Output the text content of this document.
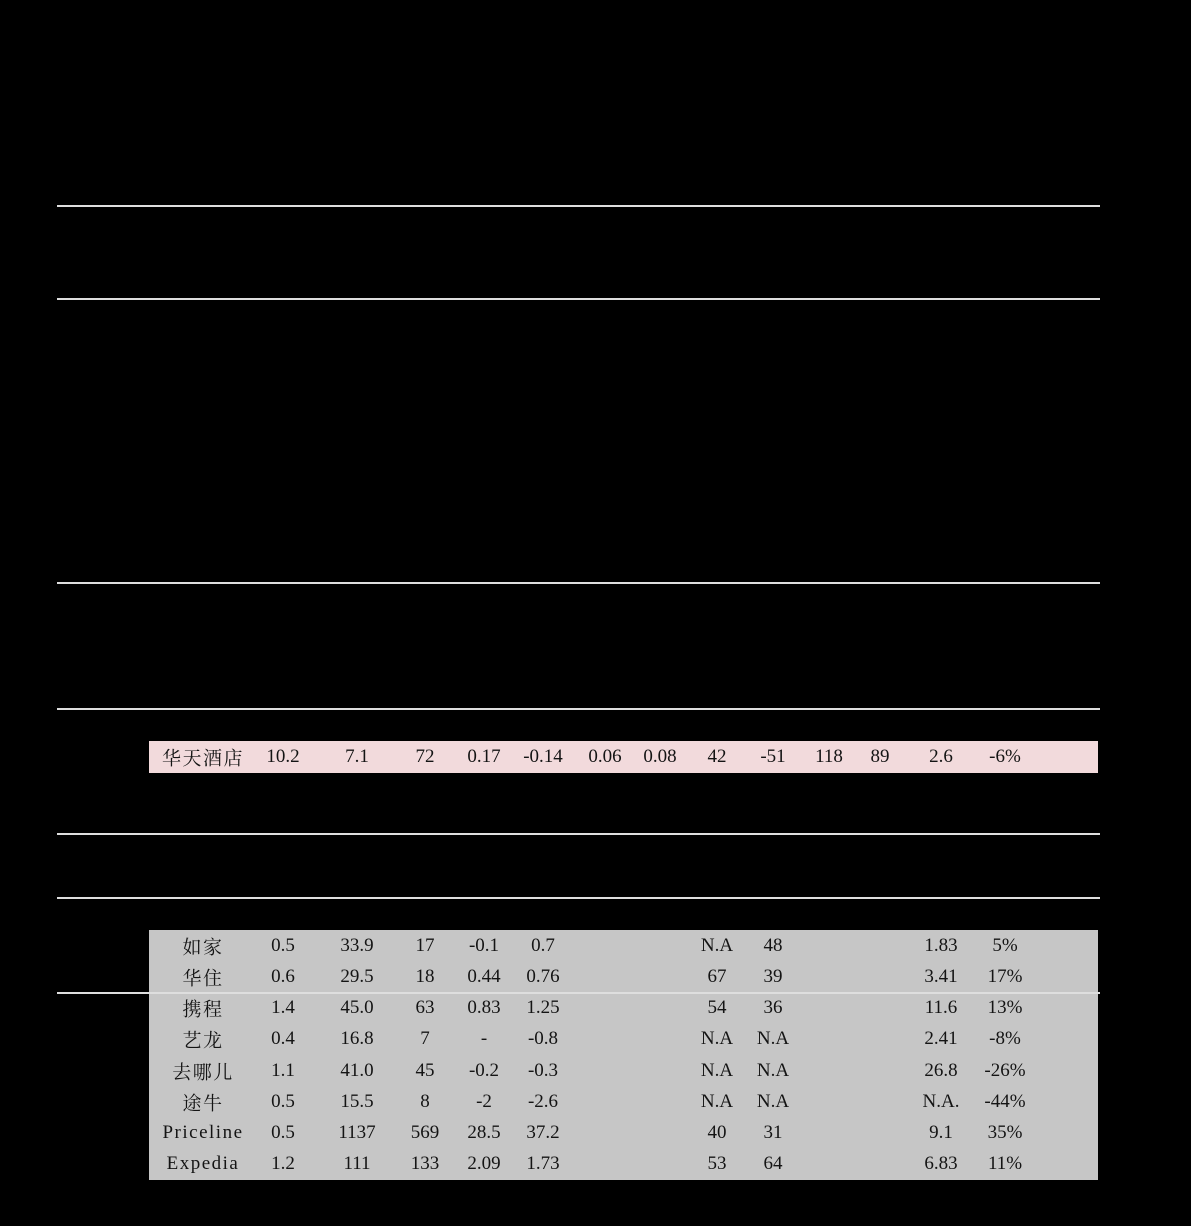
华天酒店 10.2 7.1 72 0.17 -0.14 0.06 0.08 42 -51 118 89 2.6 -6%
如家	0.5 33.9 17 -0.1 0.7	N.A 48	1.83 5%
华住	0.6 29.5 18 0.44 0.76	67 39	3.41 17%
携程	1.4 45.0 63 0.83 1.25	54 36	11.6 13%
艺龙	0.4 16.8 7	- -0.8	N.A N.A	2.41 -8%
去哪儿 1.1 41.0 45 -0.2 -0.3	N.A N.A	26.8 -26%
途牛	0.5 15.5 8 -2 -2.6	N.A N.A	N.A. -44%
Priceline 0.5 1137 569 28.5 37.2	40 31	9.1 35%
Expedia 1.2	111 133 2.09 1.73	53 64	6.83 11%
